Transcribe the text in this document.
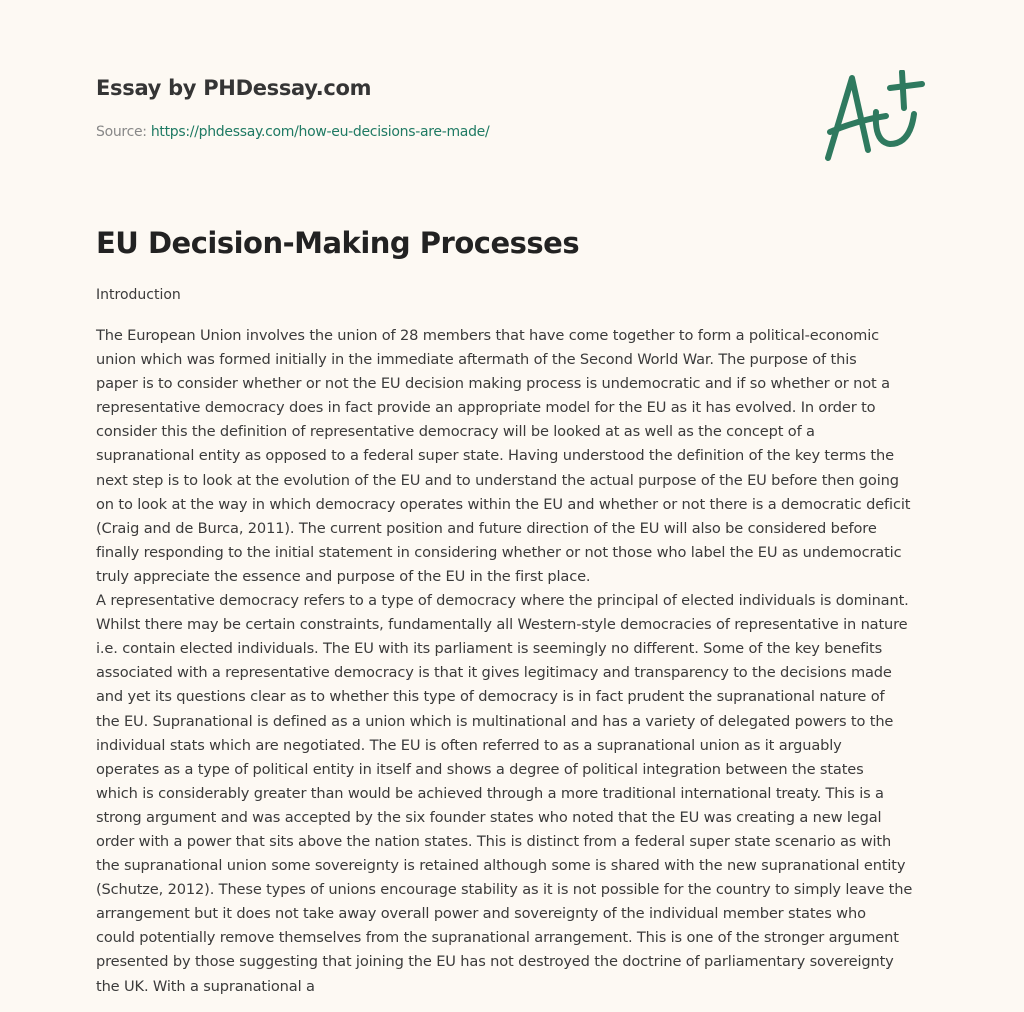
Essay by PHDessay.com
Source: https://phdessay.com/how-eu-decisions-are-made/
EU Decision-Making Processes
Introduction
The European Union involves the union of 28 members that have come together to form a political-economic
union which was formed initially in the immediate aftermath of the Second World War. The purpose of this
paper is to consider whether or not the EU decision making process is undemocratic and if so whether or not a
representative democracy does in fact provide an appropriate model for the EU as it has evolved. In order to
consider this the definition of representative democracy will be looked at as well as the concept of a
supranational entity as opposed to a federal super state. Having understood the definition of the key terms the
next step is to look at the evolution of the EU and to understand the actual purpose of the EU before then going
on to look at the way in which democracy operates within the EU and whether or not there is a democratic deficit
(Craig and de Burca, 2011). The current position and future direction of the EU will also be considered before
finally responding to the initial statement in considering whether or not those who label the EU as undemocratic
truly appreciate the essence and purpose of the EU in the first place.
A representative democracy refers to a type of democracy where the principal of elected individuals is dominant.
Whilst there may be certain constraints, fundamentally all Western-style democracies of representative in nature
i.e. contain elected individuals. The EU with its parliament is seemingly no different. Some of the key benefits
associated with a representative democracy is that it gives legitimacy and transparency to the decisions made
and yet its questions clear as to whether this type of democracy is in fact prudent the supranational nature of
the EU. Supranational is defined as a union which is multinational and has a variety of delegated powers to the
individual stats which are negotiated. The EU is often referred to as a supranational union as it arguably
operates as a type of political entity in itself and shows a degree of political integration between the states
which is considerably greater than would be achieved through a more traditional international treaty. This is a
strong argument and was accepted by the six founder states who noted that the EU was creating a new legal
order with a power that sits above the nation states. This is distinct from a federal super state scenario as with
the supranational union some sovereignty is retained although some is shared with the new supranational entity
(Schutze, 2012). These types of unions encourage stability as it is not possible for the country to simply leave the
arrangement but it does not take away overall power and sovereignty of the individual member states who
could potentially remove themselves from the supranational arrangement. This is one of the stronger argument
presented by those suggesting that joining the EU has not destroyed the doctrine of parliamentary sovereignty
the UK. With a supranational a
